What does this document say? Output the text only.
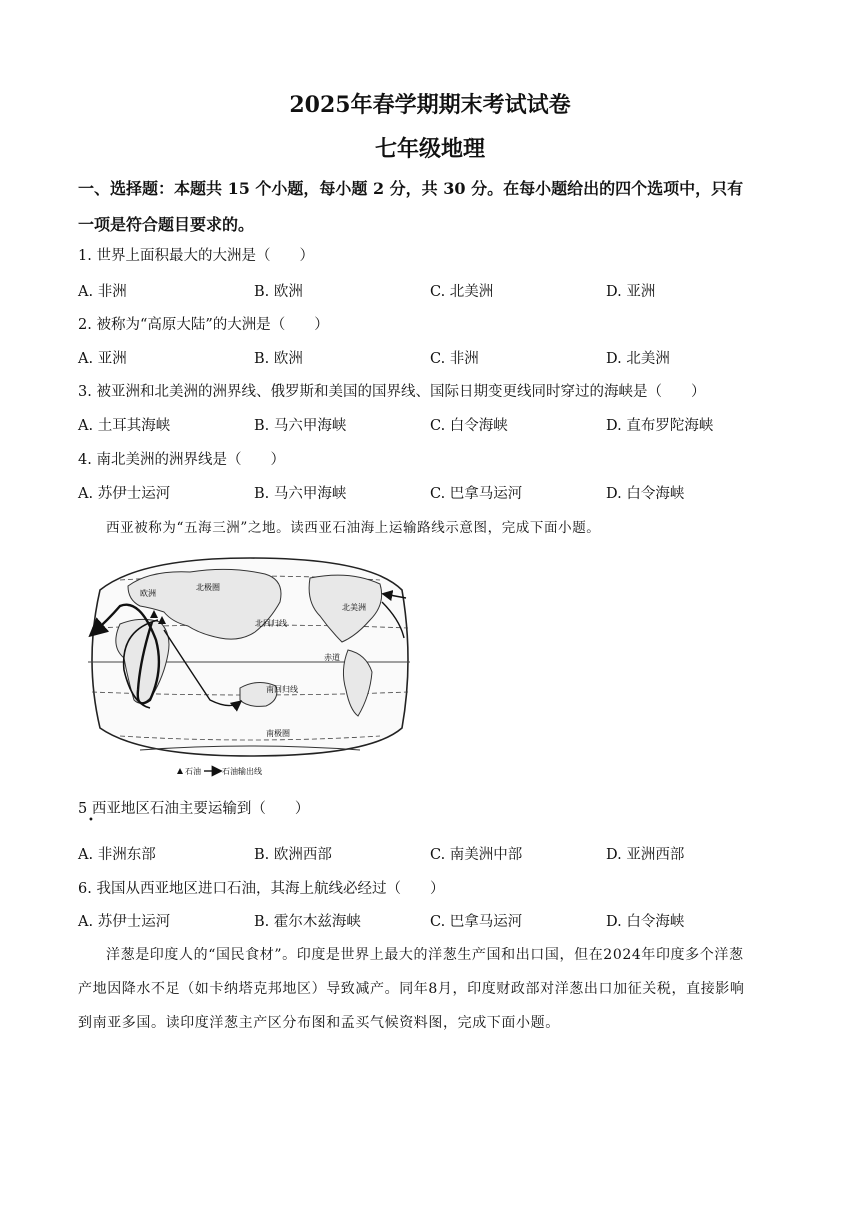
2025年春学期期末考试试卷
七年级地理
一、选择题：本题共 15 个小题，每小题 2 分，共 30 分。在每小题给出的四个选项中，只有
一项是符合题目要求的。
1. 世界上面积最大的大洲是（　　）
A. 非洲	B. 欧洲	C. 北美洲	D. 亚洲
2. 被称为“高原大陆”的大洲是（　　）
A. 亚洲	B. 欧洲	C. 非洲	D. 北美洲
3. 被亚洲和北美洲的洲界线、俄罗斯和美国的国界线、国际日期变更线同时穿过的海峡是（　　）
A. 土耳其海峡	B. 马六甲海峡	C. 白令海峡	D. 直布罗陀海峡
4. 南北美洲的洲界线是（　　）
A. 苏伊士运河	B. 马六甲海峡	C. 巴拿马运河	D. 白令海峡
西亚被称为“五海三洲”之地。读西亚石油海上运输路线示意图，完成下面小题。
北极圈
欧洲
北美洲
北回归线
赤道
南回归线
南极圈
石油	石油输出线
5 西亚地区石油主要运输到（　　）
•
A. 非洲东部	B. 欧洲西部	C. 南美洲中部	D. 亚洲西部
6. 我国从西亚地区进口石油，其海上航线必经过（　　）
A. 苏伊士运河	B. 霍尔木兹海峡	C. 巴拿马运河	D. 白令海峡
洋葱是印度人的“国民食材”。印度是世界上最大的洋葱生产国和出口国，但在2024年印度多个洋葱
产地因降水不足（如卡纳塔克邦地区）导致减产。同年8月，印度财政部对洋葱出口加征关税，直接影响
到南亚多国。读印度洋葱主产区分布图和孟买气候资料图，完成下面小题。
